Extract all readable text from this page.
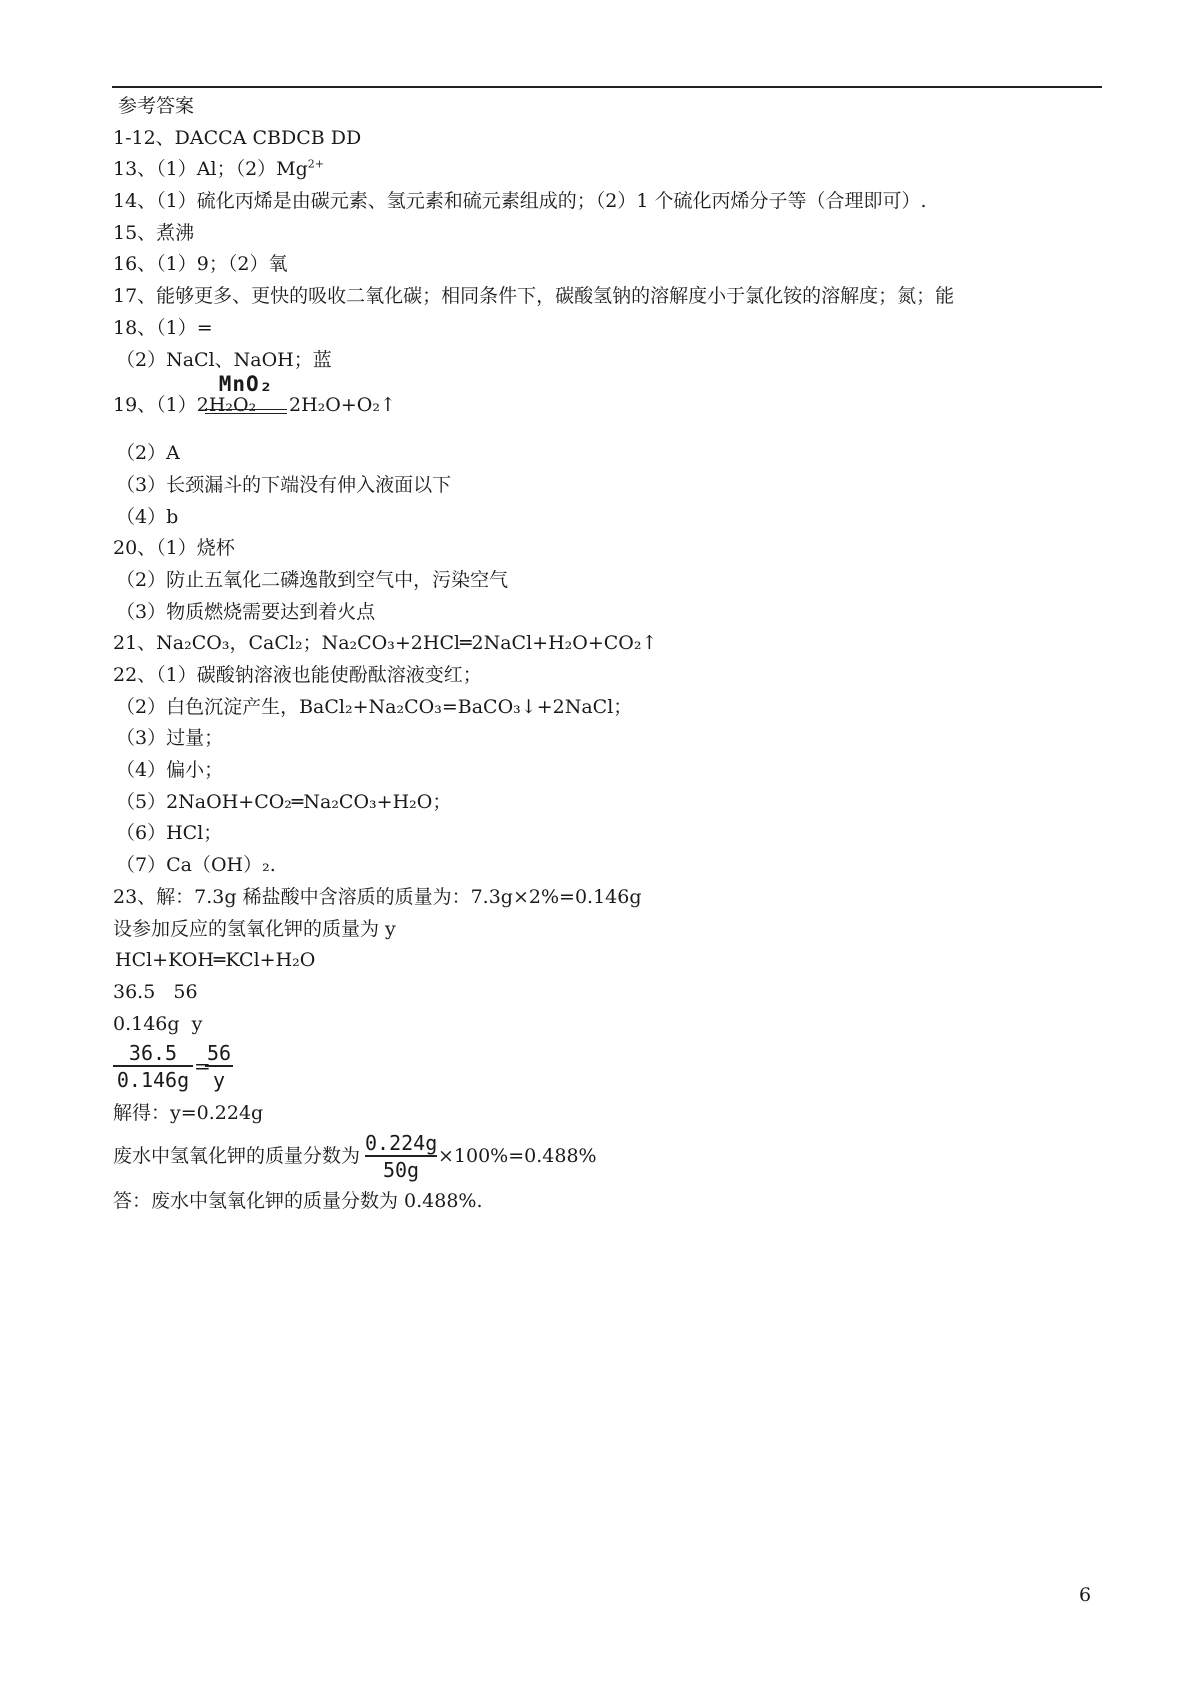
参考答案
1-12、DACCA CBDCB DD
13、（1）Al；$(2)Mg^{2+}$
14、（1）硫化丙烯是由碳元素、氢元素和硫元素组成的；（2）1 个硫化丙烯分子等（合理即可）.
15、煮沸
16、（1）9；（2）氧
17、能够更多、更快的吸收二氧化碳；相同条件下，碳酸氢钠的溶解度小于氯化铵的溶解度；氮；能
18、（1）=
（2）NaCl、NaOH；蓝
19、（1）2H₂O₂
MnO₂
2H₂O+O₂↑
（2）A
（3）长颈漏斗的下端没有伸入液面以下
（4）b
20、（1）烧杯
（2）防止五氧化二磷逸散到空气中，污染空气
（3）物质燃烧需要达到着火点
21、Na₂CO₃，CaCl₂；Na₂CO₃+2HCl═2NaCl+H₂O+CO₂↑
22、（1）碳酸钠溶液也能使酚酞溶液变红；
（2）白色沉淀产生，BaCl₂+Na₂CO₃=BaCO₃↓+2NaCl；
（3）过量；
（4）偏小；
（5）2NaOH+CO₂═Na₂CO₃+H₂O；
（6）HCl；
（7）Ca（OH）₂.
23、解：7.3g 稀盐酸中含溶质的质量为：7.3g×2%=0.146g
设参加反应的氢氧化钾的质量为 y
HCl+KOH═KCl+H₂O
36.5   56
0.146g  y
36.5
0.146g
=
56
y
解得：y=0.224g
废水中氢氧化钾的质量分数为
0.224g
50g
×100%=0.488%
答：废水中氢氧化钾的质量分数为 0.488%.
6
